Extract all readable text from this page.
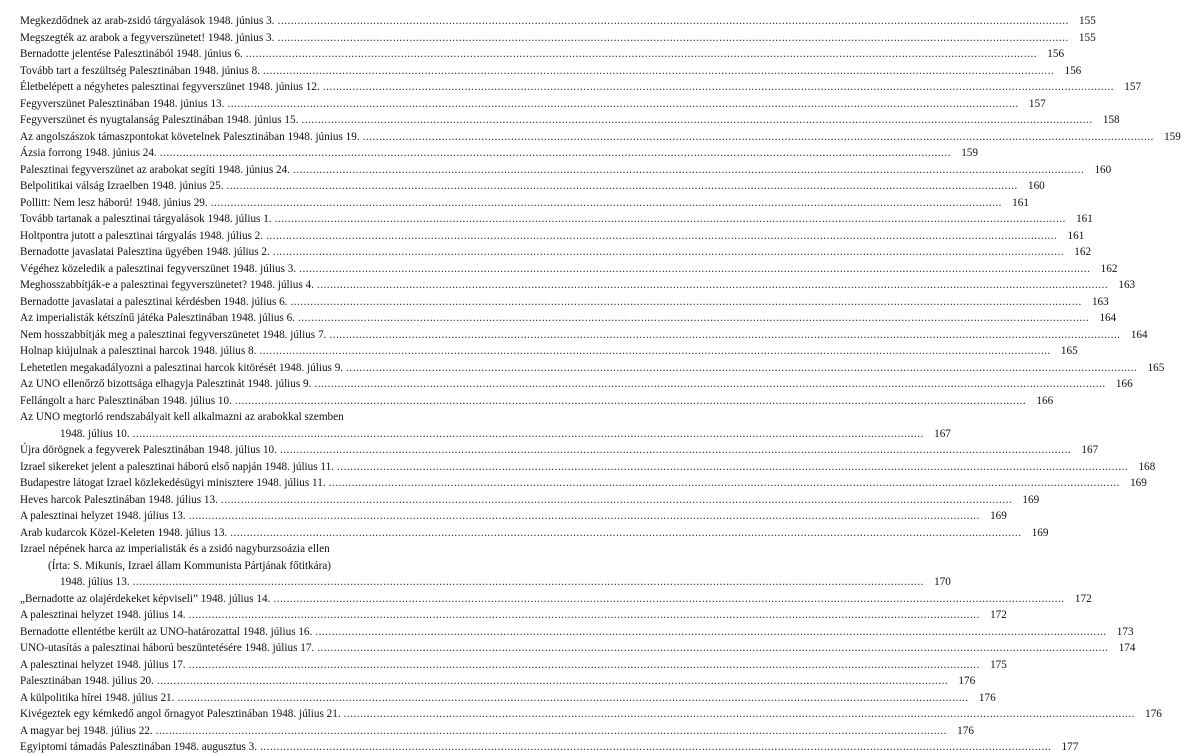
Megkezdődnek az arab-zsidó tárgyalások 1948. június 3. .....	155
Megszegték az arabok a fegyverszünetet! 1948. június 3. .....	155
Bernadotte jelentése Palesztinából 1948. június 6. .....	156
Tovább tart a feszültség Palesztinában 1948. június 8. .....	156
Életbelépett a négyhetes palesztinai fegyverszünet 1948. június 12. .....	157
Fegyverszünet Palesztinában 1948. június 13. .....	157
Fegyverszünet és nyugtalanság Palesztinában 1948. június 15. .....	158
Az angolszászok támaszpontokat követelnek Palesztinában 1948. június 19. .....	159
Ázsia forrong 1948. június 24. .....	159
Palesztinai fegyverszünet az arabokat segíti 1948. június 24. .....	160
Belpolitikai válság Izraelben 1948. június 25. .....	160
Pollitt: Nem lesz háború! 1948. június 29. .....	161
Tovább tartanak a palesztinai tárgyalások 1948. július 1. .....	161
Holtpontra jutott a palesztinai tárgyalás 1948. július 2. .....	161
Bernadotte javaslatai Palesztina ügyében 1948. július 2. .....	162
Végéhez közeledik a palesztinai fegyverszünet 1948. július 3. .....	162
Meghosszabbítják-e a palesztinai fegyverszünetet? 1948. július 4. .....	163
Bernadotte javaslatai a palesztinai kérdésben 1948. július 6. .....	163
Az imperialisták kétszínű játéka Palesztinában 1948. július 6. .....	164
Nem hosszabbítják meg a palesztinai fegyverszünetet 1948. július 7. .....	164
Holnap kiújulnak a palesztinai harcok 1948. július 8. .....	165
Lehetetlen megakadályozni a palesztinai harcok kitörését 1948. július 9. .....	165
Az UNO ellenőrző bizottsága elhagyja Palesztinát 1948. július 9. .....	166
Fellángolt a harc Palesztinában 1948. július 10. .....	166
Az UNO megtorló rendszabályait kell alkalmazni az arabokkal szemben
1948. július 10. .....	167
Újra dörögnek a fegyverek Palesztinában 1948. július 10. .....	167
Izrael sikereket jelent a palesztinai háború első napján 1948. július 11. .....	168
Budapestre látogat Izrael közlekedésügyi minisztere 1948. július 11. .....	169
Heves harcok Palesztinában 1948. július 13. .....	169
A palesztinai helyzet 1948. július 13. .....	169
Arab kudarcok Közel-Keleten 1948. július 13. .....	169
Izrael népének harca az imperialisták és a zsidó nagyburzsoázia ellen
(Írta: S. Mikunis, Izrael állam Kommunista Pártjának főtitkára)
1948. július 13. .....	170
„Bernadotte az olajérdekeket képviseli” 1948. július 14. .....	172
A palesztinai helyzet 1948. július 14. .....	172
Bernadotte ellentétbe került az UNO-határozattal 1948. július 16. .....	173
UNO-utasítás a palesztinai háború beszüntetésére 1948. július 17. .....	174
A palesztinai helyzet 1948. július 17. .....	175
Palesztinában 1948. július 20. .....	176
A külpolitika hírei 1948. július 21. .....	176
Kivégeztek egy kémkedő angol őrnagyot Palesztinában 1948. július 21. .....	176
A magyar bej 1948. július 22. .....	176
Egyiptomi támadás Palesztinában 1948. augusztus 3. .....	177
